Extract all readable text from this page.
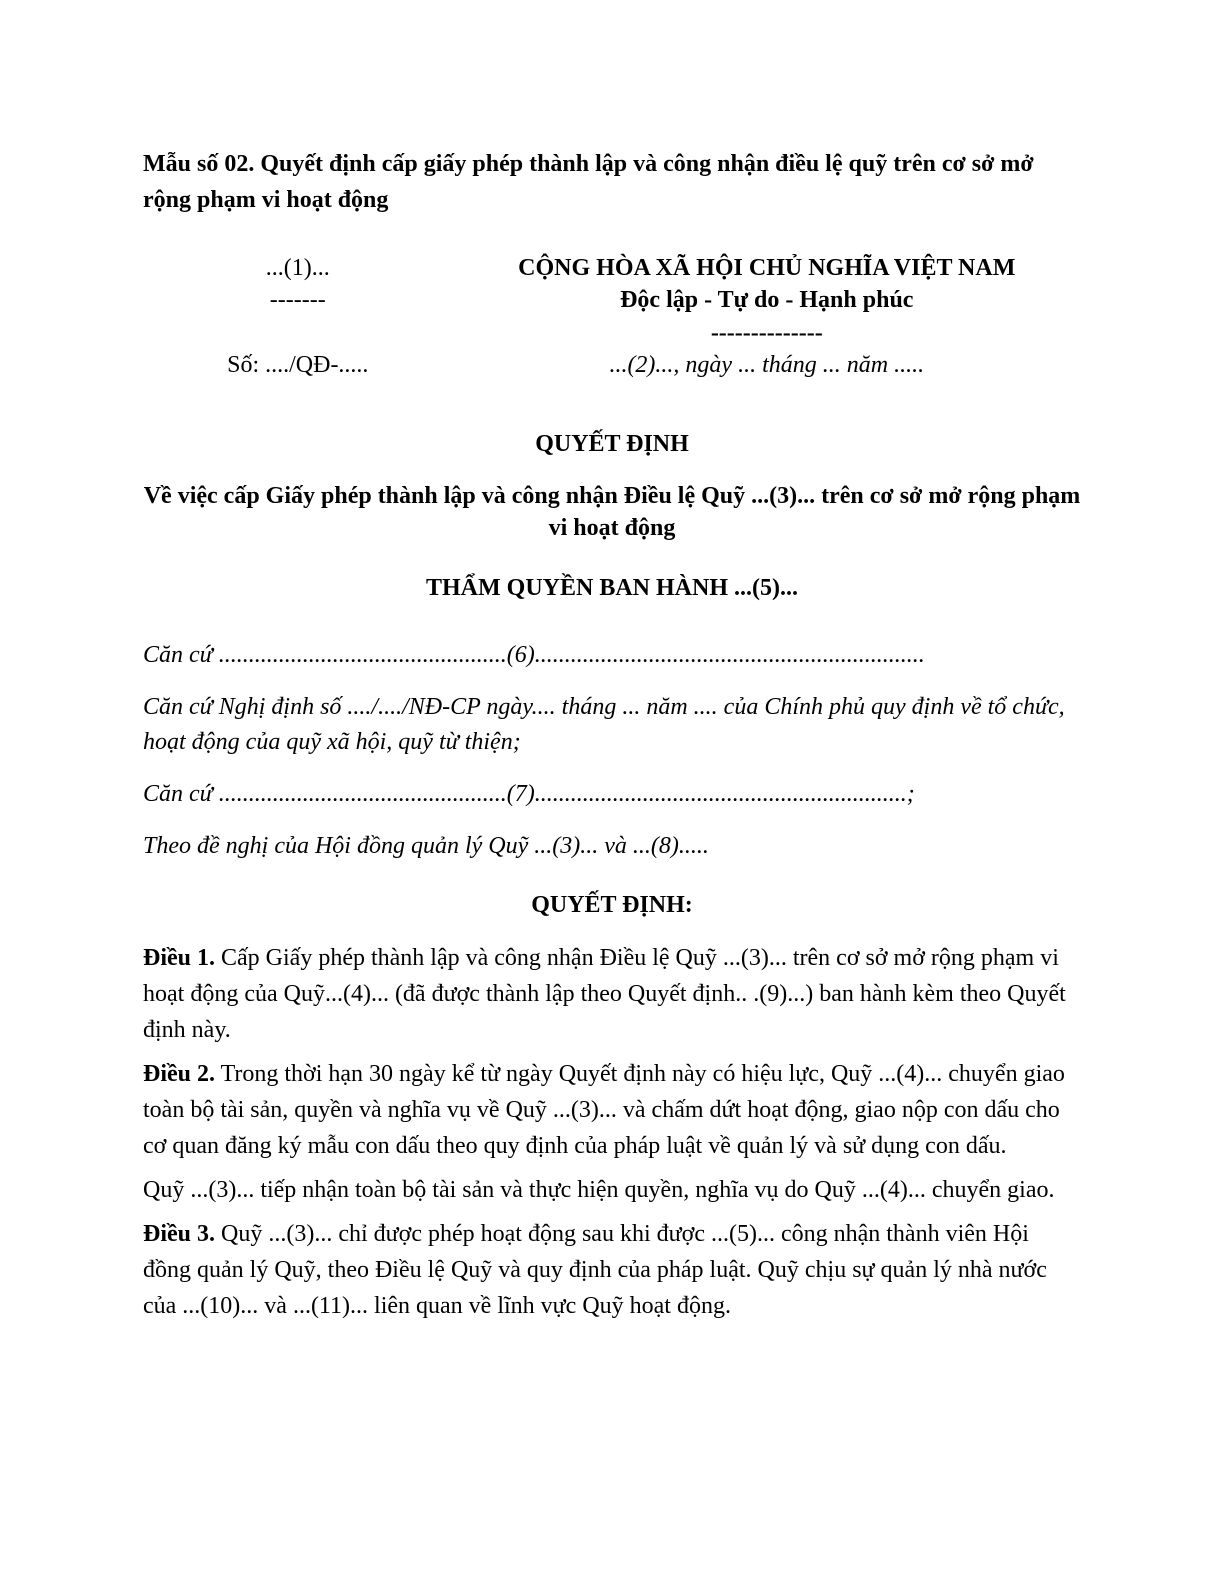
Mẫu số 02. Quyết định cấp giấy phép thành lập và công nhận điều lệ quỹ trên cơ sở mở rộng phạm vi hoạt động

...(1)...

-------

Số: ..../QĐ-.....

CỘNG HÒA XÃ HỘI CHỦ NGHĨA VIỆT NAM

Độc lập - Tự do - Hạnh phúc

--------------

...(2)..., ngày ... tháng ... năm .....

QUYẾT ĐỊNH

Về việc cấp Giấy phép thành lập và công nhận Điều lệ Quỹ ...(3)... trên cơ sở mở rộng phạm vi hoạt động

THẨM QUYỀN BAN HÀNH ...(5)...

Căn cứ ................................................(6).................................................................

Căn cứ Nghị định số ..../..../NĐ-CP ngày.... tháng ... năm .... của Chính phủ quy định về tổ chức, hoạt động của quỹ xã hội, quỹ từ thiện;

Căn cứ ................................................(7)..............................................................;

Theo đề nghị của Hội đồng quản lý Quỹ ...(3)... và ...(8).....

QUYẾT ĐỊNH:

Điều 1. Cấp Giấy phép thành lập và công nhận Điều lệ Quỹ ...(3)... trên cơ sở mở rộng phạm vi hoạt động của Quỹ...(4)... (đã được thành lập theo Quyết định.. .(9)...) ban hành kèm theo Quyết định này.

Điều 2. Trong thời hạn 30 ngày kể từ ngày Quyết định này có hiệu lực, Quỹ ...(4)... chuyển giao toàn bộ tài sản, quyền và nghĩa vụ về Quỹ ...(3)... và chấm dứt hoạt động, giao nộp con dấu cho cơ quan đăng ký mẫu con dấu theo quy định của pháp luật về quản lý và sử dụng con dấu.

Quỹ ...(3)... tiếp nhận toàn bộ tài sản và thực hiện quyền, nghĩa vụ do Quỹ ...(4)... chuyển giao.

Điều 3. Quỹ ...(3)... chỉ được phép hoạt động sau khi được ...(5)... công nhận thành viên Hội đồng quản lý Quỹ, theo Điều lệ Quỹ và quy định của pháp luật. Quỹ chịu sự quản lý nhà nước của ...(10)... và ...(11)... liên quan về lĩnh vực Quỹ hoạt động.
